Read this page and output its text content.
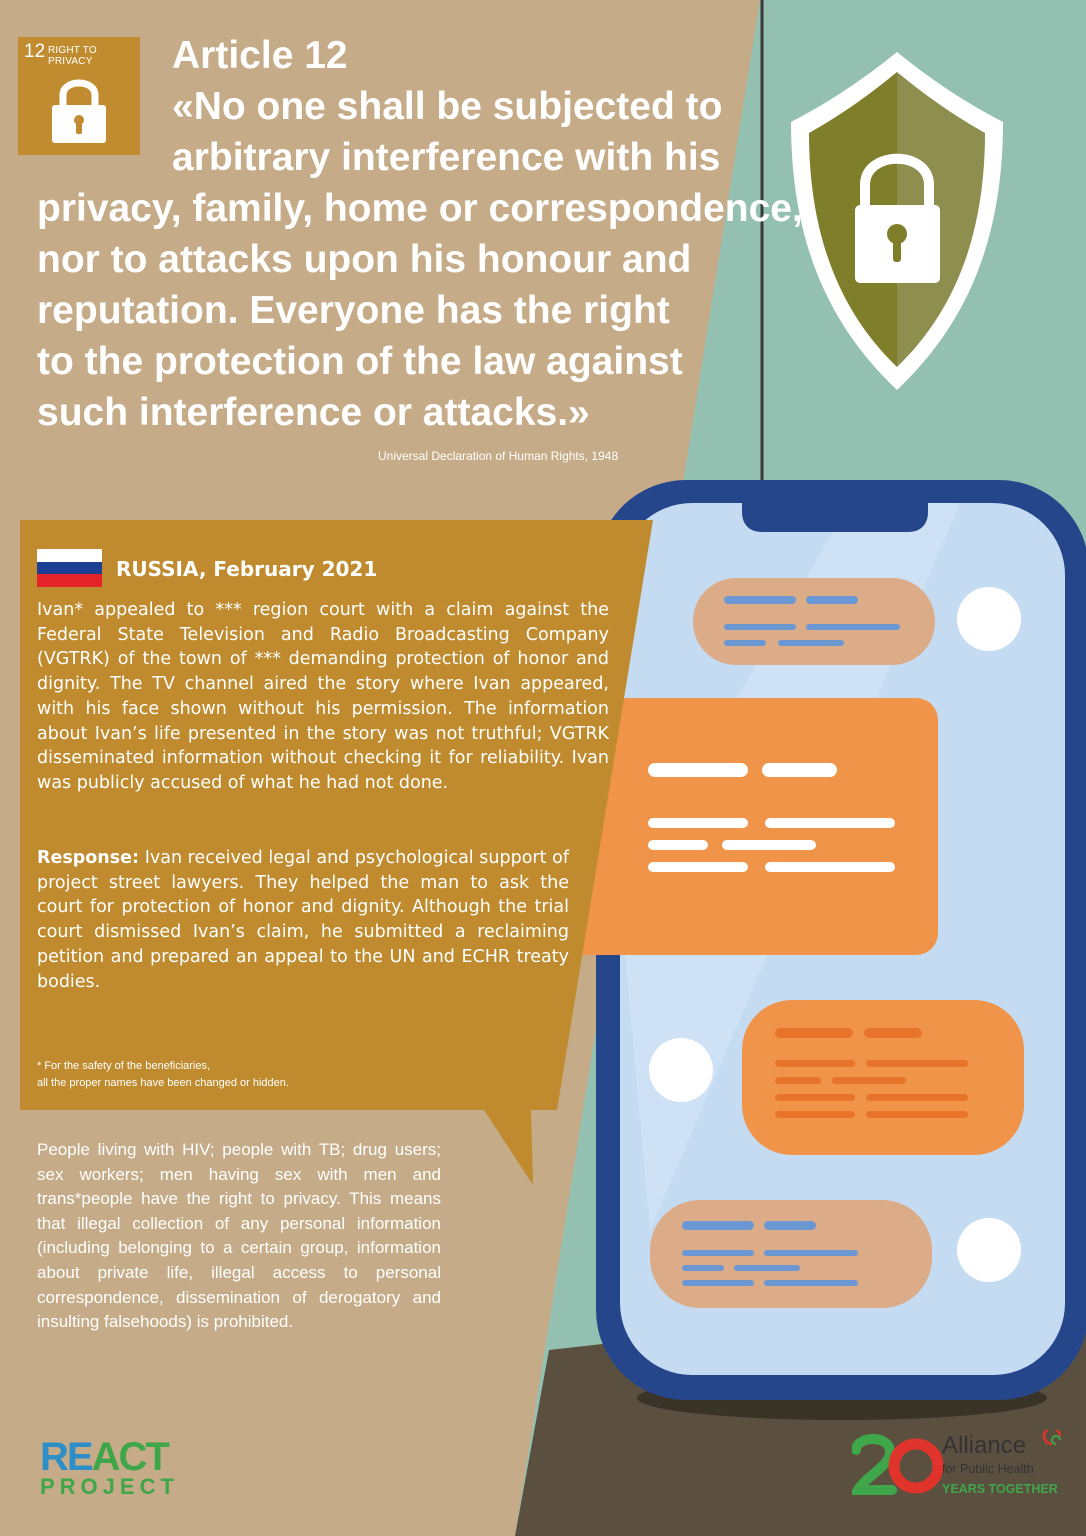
12 RIGHT TO PRIVACY	Article 12
«No one shall be subjected to
arbitrary interference with his
privacy, family, home or correspondence,
nor to attacks upon his honour and
reputation. Everyone has the right
to the protection of the law against
such interference or attacks.»
Universal Declaration of Human Rights, 1948
RUSSIA, February 2021
Ivan* appealed to *** region court with a claim against the Federal State Television and Radio Broadcasting Company (VGTRK) of the town of *** demanding protection of honor and dignity. The TV channel aired the story where Ivan appeared, with his face shown without his permission. The information about Ivan’s life presented in the story was not truthful; VGTRK disseminated information without checking it for reliability. Ivan was publicly accused of what he had not done.
Response: Ivan received legal and psychological support of project street lawyers. They helped the man to ask the court for protection of honor and dignity. Although the trial court dismissed Ivan’s claim, he submitted a reclaiming petition and prepared an appeal to the UN and ECHR treaty bodies.
* For the safety of the beneficiaries,
all the proper names have been changed or hidden.
People living with HIV; people with TB; drug users; sex workers; men having sex with men and trans*people have the right to privacy. This means that illegal collection of any personal information (including belonging to a certain group, information about private life, illegal access to personal correspondence, dissemination of derogatory and insulting falsehoods) is prohibited.
REACT
PROJECT
Alliance
for Public Health
YEARS TOGETHER
